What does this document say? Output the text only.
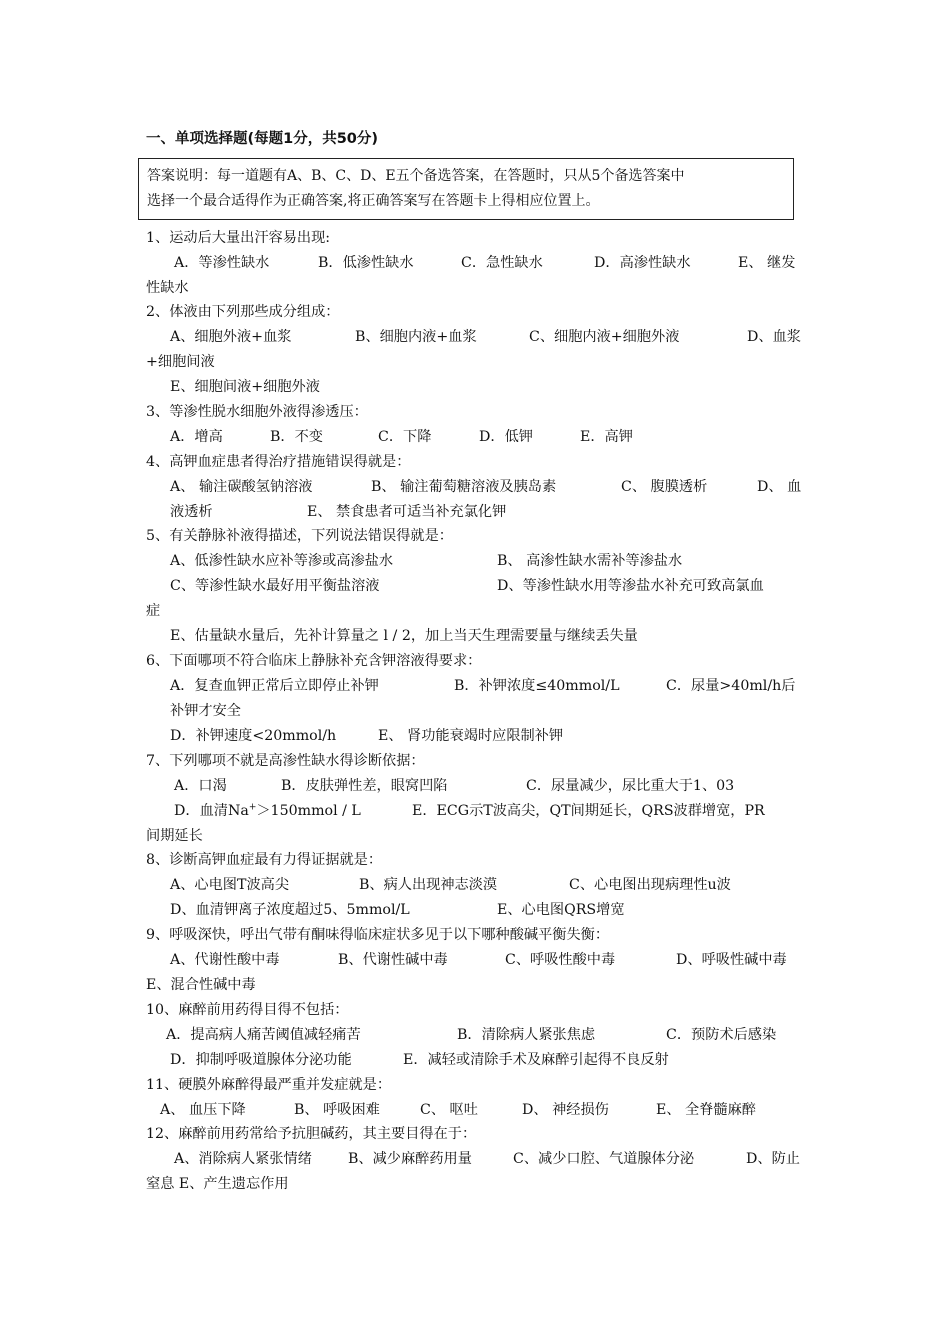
一、单项选择题(每题1分，共50分)
答案说明：每一道题有A、B、C、D、E五个备选答案，在答题时，只从5个备选答案中
选择一个最合适得作为正确答案,将正确答案写在答题卡上得相应位置上。
1、运动后大量出汗容易出现:
A．等渗性缺水	B．低渗性缺水	C．急性缺水	D．高渗性缺水	E、 继发
性缺水
2、体液由下列那些成分组成：
A、细胞外液+血浆	B、细胞内液+血浆	C、细胞内液+细胞外液	D、血浆
+细胞间液
E、细胞间液+细胞外液
3、等渗性脱水细胞外液得渗透压：
A．增高	B．不变	C．下降	D．低钾	E．高钾
4、高钾血症患者得治疗措施错误得就是：
A、 输注碳酸氢钠溶液	B、 输注葡萄糖溶液及胰岛素	C、 腹膜透析	D、 血
液透析	E、 禁食患者可适当补充氯化钾
5、有关静脉补液得描述，下列说法错误得就是：
A、低渗性缺水应补等渗或高渗盐水	B、 高渗性缺水需补等渗盐水
C、等渗性缺水最好用平衡盐溶液	D、等渗性缺水用等渗盐水补充可致高氯血
症
E、估量缺水量后，先补计算量之 l / 2，加上当天生理需要量与继续丢失量
6、下面哪项不符合临床上静脉补充含钾溶液得要求：
A．复查血钾正常后立即停止补钾	B．补钾浓度≤40mmol/L	C．尿量>40ml/h后
补钾才安全
D．补钾速度<20mmol/h	E、 肾功能衰竭时应限制补钾
7、下列哪项不就是高渗性缺水得诊断依据：
A．口渴	B．皮肤弹性差，眼窝凹陷	C．尿量减少，尿比重大于1、03
D．血清Na+＞150mmol / L	E．ECG示T波高尖，QT间期延长，QRS波群增宽，PR
间期延长
8、诊断高钾血症最有力得证据就是：
A、心电图T波高尖	B、病人出现神志淡漠	C、心电图出现病理性u波
D、血清钾离子浓度超过5、5mmol/L	E、心电图QRS增宽
9、呼吸深快，呼出气带有酮味得临床症状多见于以下哪种酸碱平衡失衡：
A、代谢性酸中毒	B、代谢性碱中毒	C、呼吸性酸中毒	D、呼吸性碱中毒
E、混合性碱中毒
10、麻醉前用药得目得不包括：
A．提高病人痛苦阈值减轻痛苦	B．清除病人紧张焦虑	C．预防术后感染
D．抑制呼吸道腺体分泌功能	E．减轻或清除手术及麻醉引起得不良反射
11、硬膜外麻醉得最严重并发症就是：
A、 血压下降	B、 呼吸困难	C、 呕吐	D、 神经损伤	E、 全脊髓麻醉
12、麻醉前用药常给予抗胆碱药，其主要目得在于：
A、消除病人紧张情绪	B、减少麻醉药用量	C、减少口腔、气道腺体分泌	D、防止
窒息 E、产生遗忘作用
